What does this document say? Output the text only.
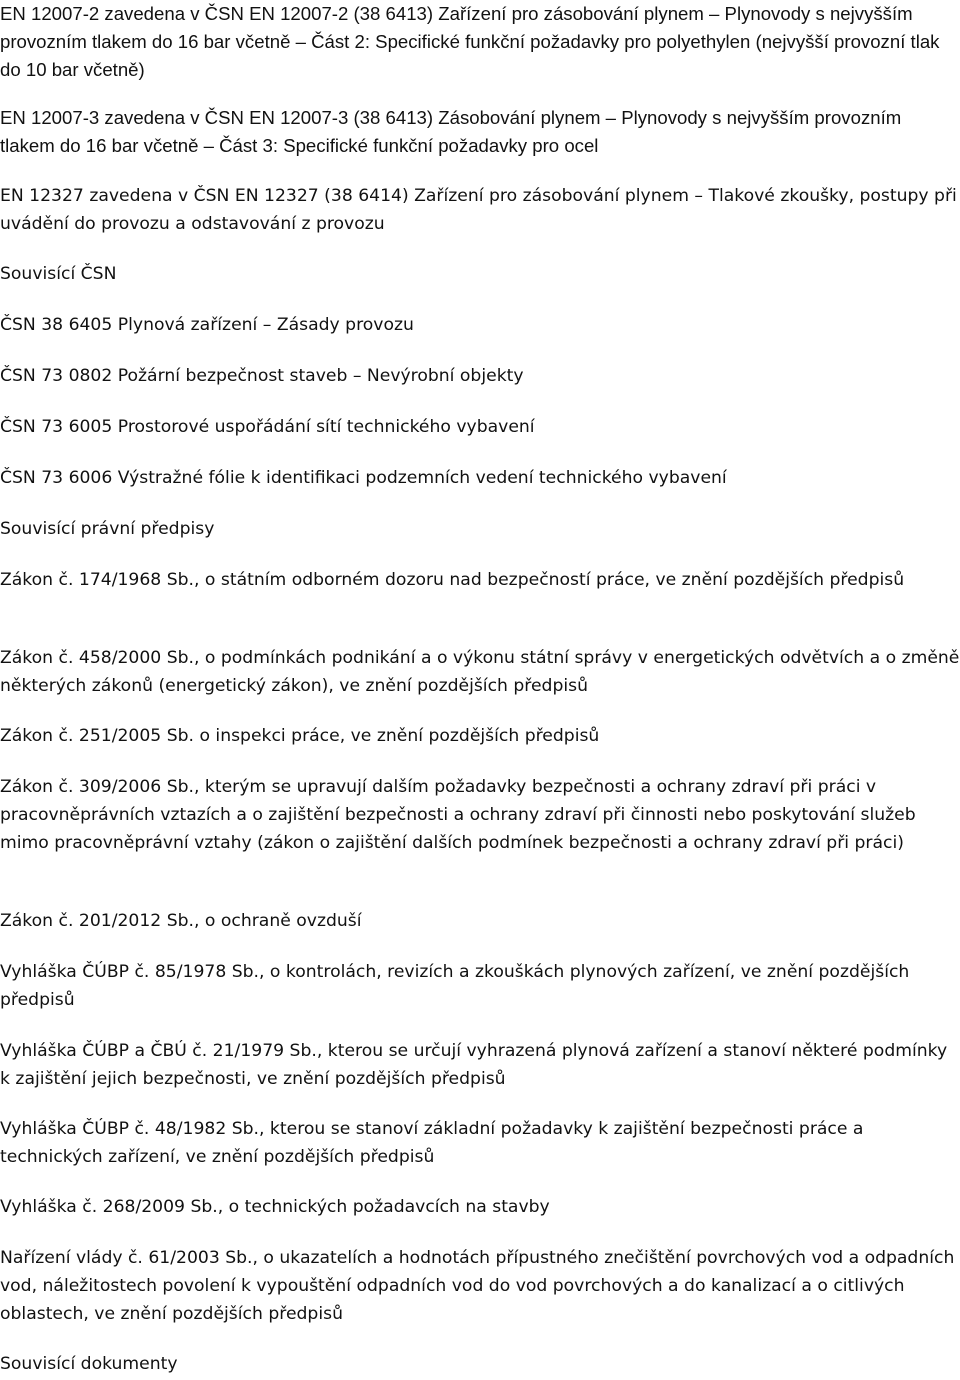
EN 12007-2 zavedena v ČSN EN 12007-2 (38 6413) Zařízení pro zásobování plynem – Plynovody s nejvyšším provozním tlakem do 16 bar včetně – Část 2: Specifické funkční požadavky pro polyethylen (nejvyšší provozní tlak do 10 bar včetně)

EN 12007-3 zavedena v ČSN EN 12007-3 (38 6413) Zásobování plynem – Plynovody s nejvyšším provozním tlakem do 16 bar včetně – Část 3: Specifické funkční požadavky pro ocel

EN 12327 zavedena v ČSN EN 12327 (38 6414) Zařízení pro zásobování plynem – Tlakové zkoušky, postupy při uvádění do provozu a odstavování z provozu

Souvisící ČSN

ČSN 38 6405 Plynová zařízení – Zásady provozu

ČSN 73 0802 Požární bezpečnost staveb – Nevýrobní objekty

ČSN 73 6005 Prostorové uspořádání sítí technického vybavení

ČSN 73 6006 Výstražné fólie k identifikaci podzemních vedení technického vybavení

Souvisící právní předpisy

Zákon č. 174/1968 Sb., o státním odborném dozoru nad bezpečností práce, ve znění pozdějších předpisů

Zákon č. 458/2000 Sb., o podmínkách podnikání a o výkonu státní správy v energetických odvětvích a o změně některých zákonů (energetický zákon), ve znění pozdějších předpisů

Zákon č. 251/2005 Sb. o inspekci práce, ve znění pozdějších předpisů

Zákon č. 309/2006 Sb., kterým se upravují dalším požadavky bezpečnosti a ochrany zdraví při práci v pracovněprávních vztazích a o zajištění bezpečnosti a ochrany zdraví při činnosti nebo poskytování služeb mimo pracovněprávní vztahy (zákon o zajištění dalších podmínek bezpečnosti a ochrany zdraví při práci)

Zákon č. 201/2012 Sb., o ochraně ovzduší

Vyhláška ČÚBP č. 85/1978 Sb., o kontrolách, revizích a zkouškách plynových zařízení, ve znění pozdějších předpisů

Vyhláška ČÚBP a ČBÚ č. 21/1979 Sb., kterou se určují vyhrazená plynová zařízení a stanoví některé podmínky k zajištění jejich bezpečnosti, ve znění pozdějších předpisů

Vyhláška ČÚBP č. 48/1982 Sb., kterou se stanoví základní požadavky k zajištění bezpečnosti práce a technických zařízení, ve znění pozdějších předpisů

Vyhláška č. 268/2009 Sb., o technických požadavcích na stavby

Nařízení vlády č. 61/2003 Sb., o ukazatelích a hodnotách přípustného znečištění povrchových vod a odpadních vod, náležitostech povolení k vypouštění odpadních vod do vod povrchových a do kanalizací a o citlivých oblastech, ve znění pozdějších předpisů

Souvisící dokumenty
